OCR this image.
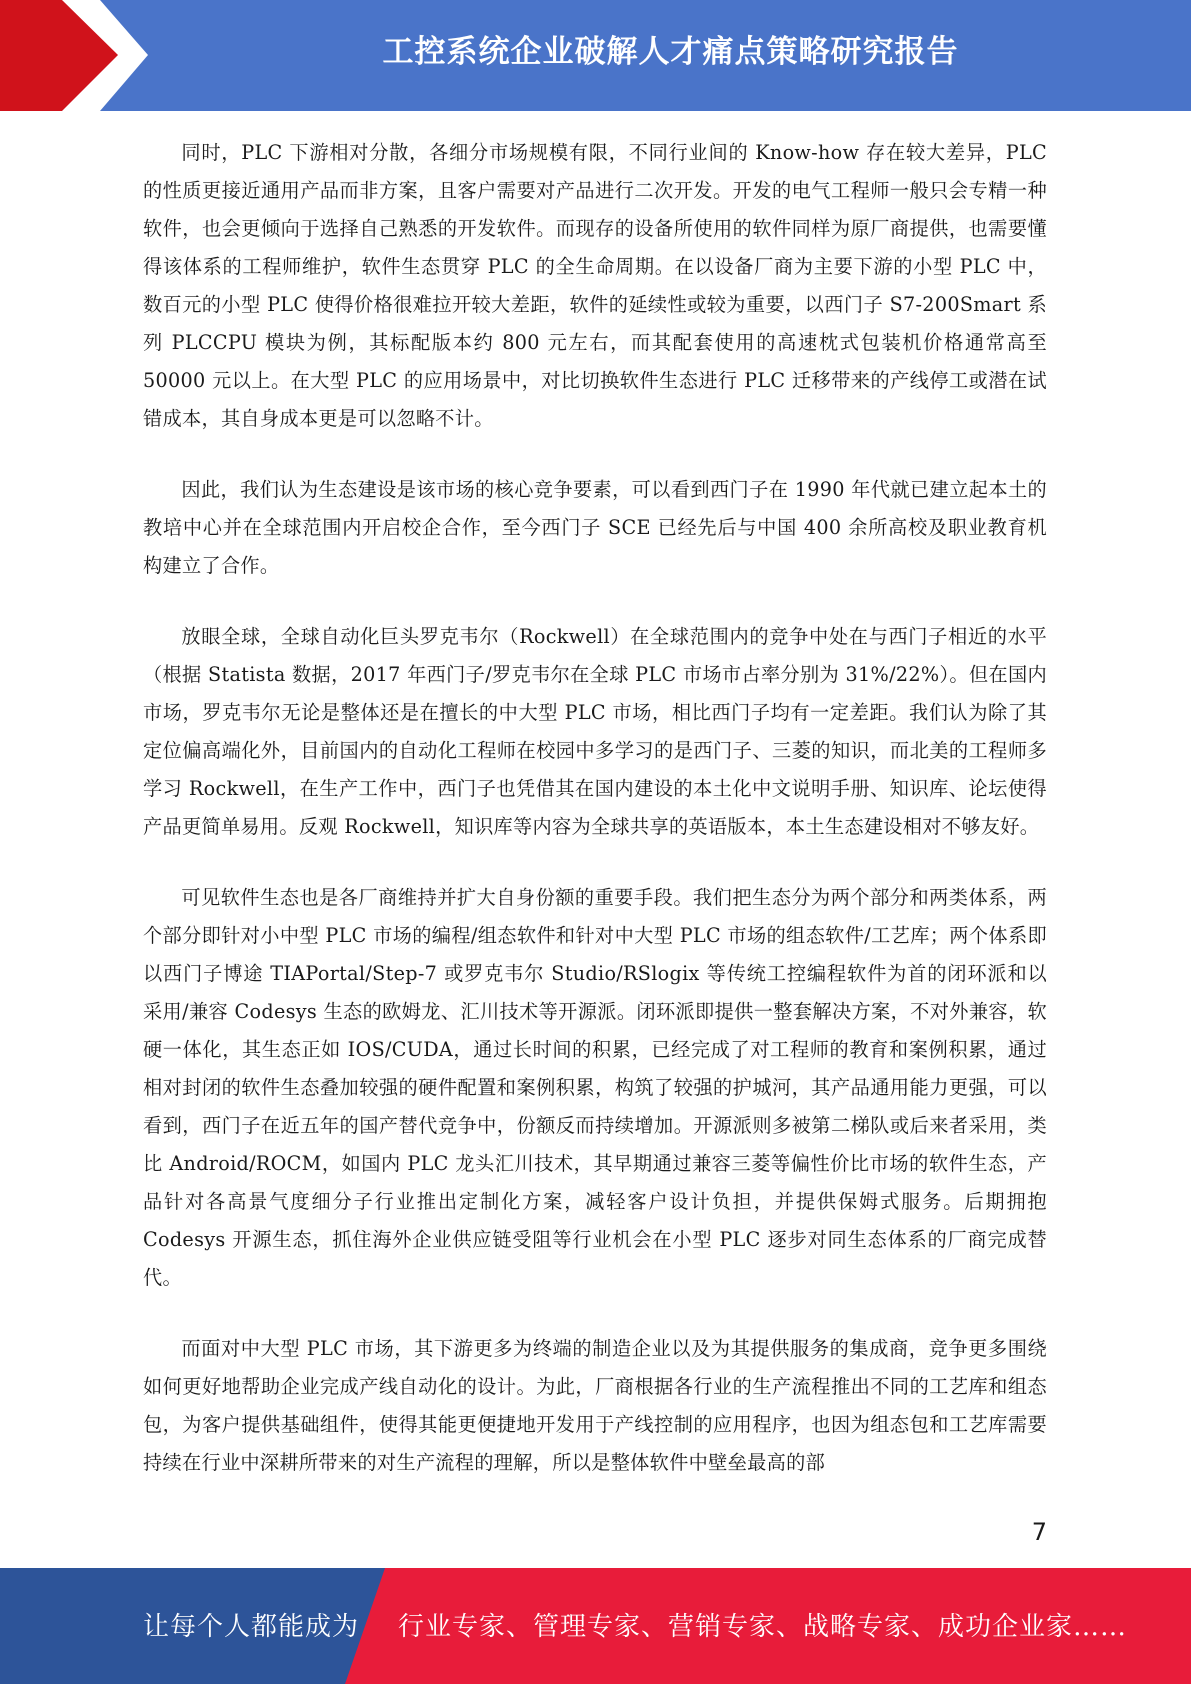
工控系统企业破解人才痛点策略研究报告

同时，PLC 下游相对分散，各细分市场规模有限，不同行业间的 Know-how 存在较大差异，PLC 的性质更接近通用产品而非方案，且客户需要对产品进行二次开发。开发的电气工程师一般只会专精一种软件，也会更倾向于选择自己熟悉的开发软件。而现存的设备所使用的软件同样为原厂商提供，也需要懂得该体系的工程师维护，软件生态贯穿 PLC 的全生命周期。在以设备厂商为主要下游的小型 PLC 中，数百元的小型 PLC 使得价格很难拉开较大差距，软件的延续性或较为重要，以西门子 S7-200Smart 系列 PLCCPU 模块为例，其标配版本约 800 元左右，而其配套使用的高速枕式包装机价格通常高至 50000 元以上。在大型 PLC 的应用场景中，对比切换软件生态进行 PLC 迁移带来的产线停工或潜在试错成本，其自身成本更是可以忽略不计。

因此，我们认为生态建设是该市场的核心竞争要素，可以看到西门子在 1990 年代就已建立起本土的教培中心并在全球范围内开启校企合作，至今西门子 SCE 已经先后与中国 400 余所高校及职业教育机构建立了合作。

放眼全球，全球自动化巨头罗克韦尔（Rockwell）在全球范围内的竞争中处在与西门子相近的水平（根据 Statista 数据，2017 年西门子/罗克韦尔在全球 PLC 市场市占率分别为 31%/22%）。但在国内市场，罗克韦尔无论是整体还是在擅长的中大型 PLC 市场，相比西门子均有一定差距。我们认为除了其定位偏高端化外，目前国内的自动化工程师在校园中多学习的是西门子、三菱的知识，而北美的工程师多学习 Rockwell，在生产工作中，西门子也凭借其在国内建设的本土化中文说明手册、知识库、论坛使得产品更简单易用。反观 Rockwell，知识库等内容为全球共享的英语版本，本土生态建设相对不够友好。

可见软件生态也是各厂商维持并扩大自身份额的重要手段。我们把生态分为两个部分和两类体系，两个部分即针对小中型 PLC 市场的编程/组态软件和针对中大型 PLC 市场的组态软件/工艺库；两个体系即以西门子博途 TIAPortal/Step-7 或罗克韦尔 Studio/RSlogix 等传统工控编程软件为首的闭环派和以采用/兼容 Codesys 生态的欧姆龙、汇川技术等开源派。闭环派即提供一整套解决方案，不对外兼容，软硬一体化，其生态正如 IOS/CUDA，通过长时间的积累，已经完成了对工程师的教育和案例积累，通过相对封闭的软件生态叠加较强的硬件配置和案例积累，构筑了较强的护城河，其产品通用能力更强，可以看到，西门子在近五年的国产替代竞争中，份额反而持续增加。开源派则多被第二梯队或后来者采用，类比 Android/ROCM，如国内 PLC 龙头汇川技术，其早期通过兼容三菱等偏性价比市场的软件生态，产品针对各高景气度细分子行业推出定制化方案，减轻客户设计负担，并提供保姆式服务。后期拥抱 Codesys 开源生态，抓住海外企业供应链受阻等行业机会在小型 PLC 逐步对同生态体系的厂商完成替代。

而面对中大型 PLC 市场，其下游更多为终端的制造企业以及为其提供服务的集成商，竞争更多围绕如何更好地帮助企业完成产线自动化的设计。为此，厂商根据各行业的生产流程推出不同的工艺库和组态包，为客户提供基础组件，使得其能更便捷地开发用于产线控制的应用程序，也因为组态包和工艺库需要持续在行业中深耕所带来的对生产流程的理解，所以是整体软件中壁垒最高的部

7
让每个人都能成为 行业专家、管理专家、营销专家、战略专家、成功企业家……
